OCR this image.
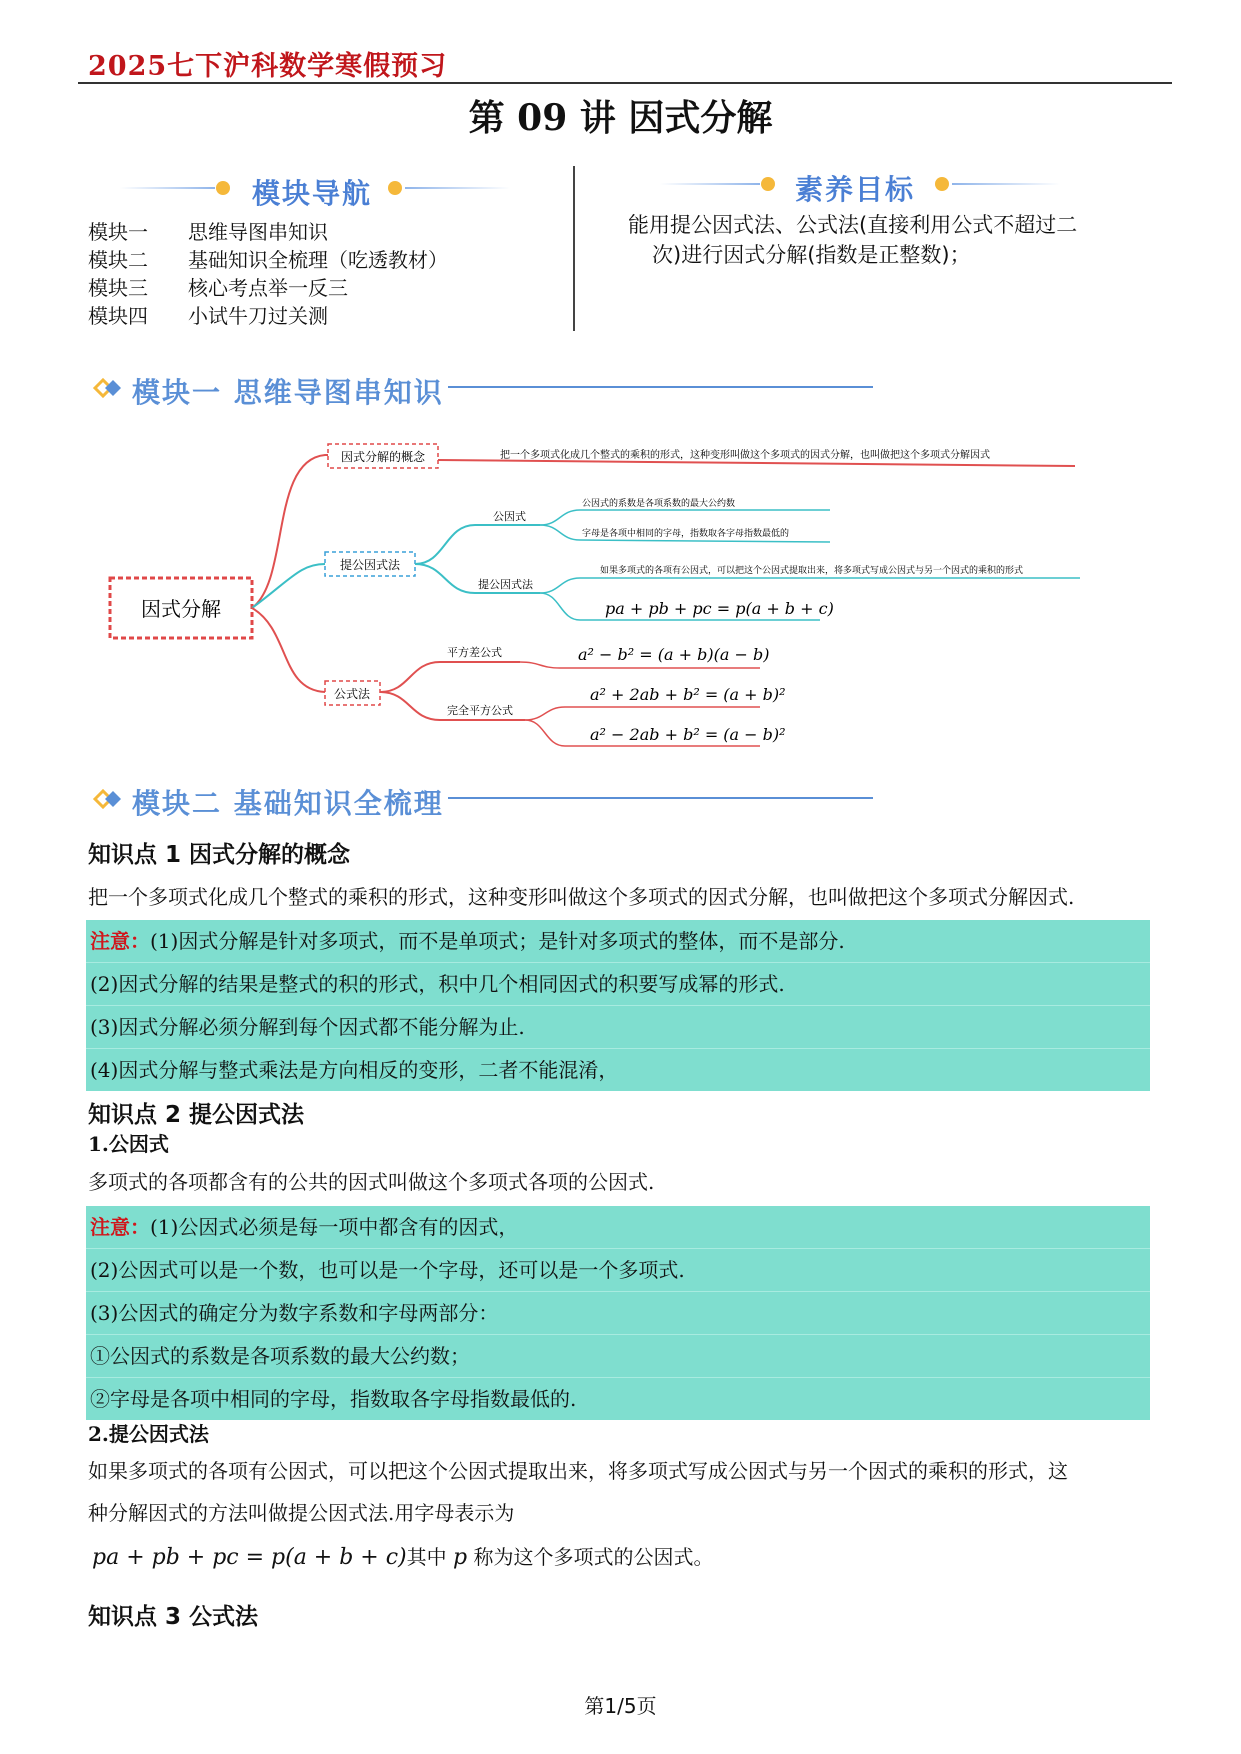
2025七下沪科数学寒假预习
第 09 讲 因式分解
模块导航
模块一	思维导图串知识
模块二	基础知识全梳理（吃透教材）
模块三	核心考点举一反三
模块四	小试牛刀过关测
素养目标
能用提公因式法、公式法(直接利用公式不超过二
次)进行因式分解(指数是正整数)；
模块一 思维导图串知识
因式分解
因式分解的概念	把一个多项式化成几个整式的乘积的形式，这种变形叫做这个多项式的因式分解，也叫做把这个多项式分解因式
提公因式法
公因式
提公因式法
公因式的系数是各项系数的最大公约数
字母是各项中相同的字母，指数取各字母指数最低的
如果多项式的各项有公因式，可以把这个公因式提取出来，将多项式写成公因式与另一个因式的乘积的形式
pa + pb + pc = p(a + b + c)
公式法
平方差公式
完全平方公式
a² − b² = (a + b)(a − b)
a² + 2ab + b² = (a + b)²
a² − 2ab + b² = (a − b)²
模块二 基础知识全梳理
知识点 1 因式分解的概念
把一个多项式化成几个整式的乘积的形式，这种变形叫做这个多项式的因式分解，也叫做把这个多项式分解因式.
注意：(1)因式分解是针对多项式，而不是单项式；是针对多项式的整体，而不是部分.
(2)因式分解的结果是整式的积的形式，积中几个相同因式的积要写成幂的形式.
(3)因式分解必须分解到每个因式都不能分解为止.
(4)因式分解与整式乘法是方向相反的变形，二者不能混淆，
知识点 2 提公因式法
1.公因式
多项式的各项都含有的公共的因式叫做这个多项式各项的公因式.
注意：(1)公因式必须是每一项中都含有的因式，
(2)公因式可以是一个数，也可以是一个字母，还可以是一个多项式.
(3)公因式的确定分为数字系数和字母两部分：
①公因式的系数是各项系数的最大公约数；
②字母是各项中相同的字母，指数取各字母指数最低的.
2.提公因式法
如果多项式的各项有公因式，可以把这个公因式提取出来，将多项式写成公因式与另一个因式的乘积的形式，这
种分解因式的方法叫做提公因式法.用字母表示为
pa + pb + pc = p(a + b + c)其中 p 称为这个多项式的公因式。
知识点 3 公式法
第1/5页
